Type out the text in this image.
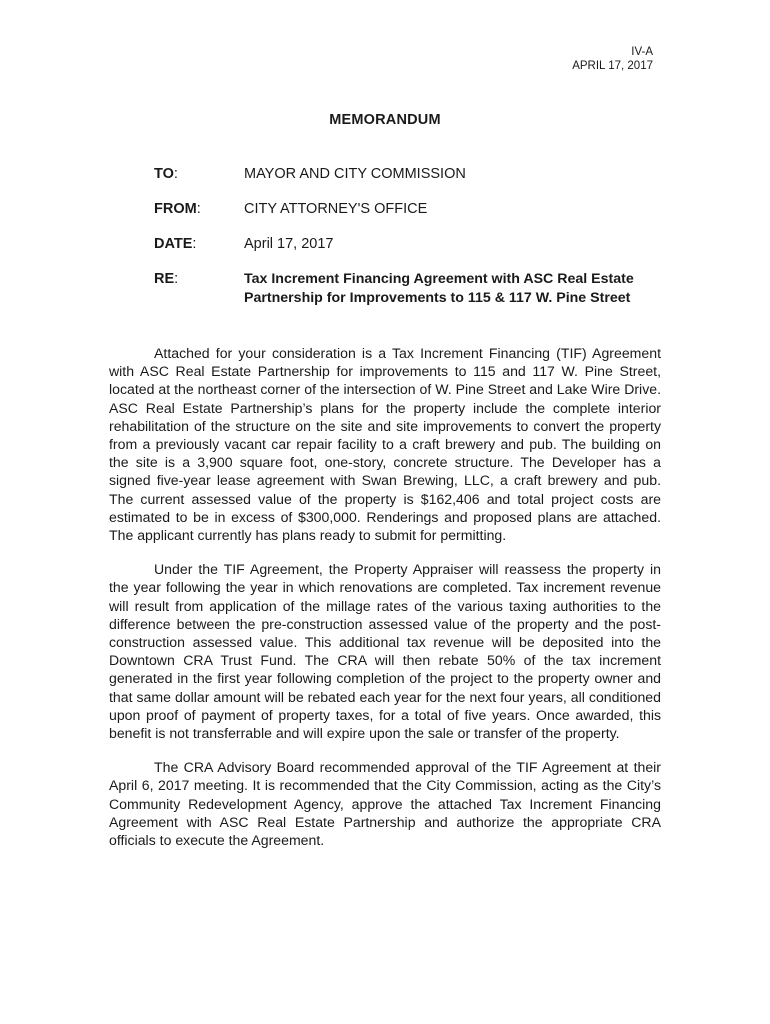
IV-A
APRIL 17, 2017
MEMORANDUM
TO:	MAYOR AND CITY COMMISSION
FROM:	CITY ATTORNEY'S OFFICE
DATE:	April 17, 2017
RE:	Tax Increment Financing Agreement with ASC Real Estate
Partnership for Improvements to 115 & 117 W. Pine Street

Attached for your consideration is a Tax Increment Financing (TIF) Agreement with ASC Real Estate Partnership for improvements to 115 and 117 W. Pine Street, located at the northeast corner of the intersection of W. Pine Street and Lake Wire Drive. ASC Real Estate Partnership’s plans for the property include the complete interior rehabilitation of the structure on the site and site improvements to convert the property from a previously vacant car repair facility to a craft brewery and pub. The building on the site is a 3,900 square foot, one-story, concrete structure. The Developer has a signed five-year lease agreement with Swan Brewing, LLC, a craft brewery and pub. The current assessed value of the property is $162,406 and total project costs are estimated to be in excess of $300,000. Renderings and proposed plans are attached. The applicant currently has plans ready to submit for permitting.

Under the TIF Agreement, the Property Appraiser will reassess the property in the year following the year in which renovations are completed. Tax increment revenue will result from application of the millage rates of the various taxing authorities to the difference between the pre-construction assessed value of the property and the post-construction assessed value. This additional tax revenue will be deposited into the Downtown CRA Trust Fund. The CRA will then rebate 50% of the tax increment generated in the first year following completion of the project to the property owner and that same dollar amount will be rebated each year for the next four years, all conditioned upon proof of payment of property taxes, for a total of five years. Once awarded, this benefit is not transferrable and will expire upon the sale or transfer of the property.

The CRA Advisory Board recommended approval of the TIF Agreement at their April 6, 2017 meeting. It is recommended that the City Commission, acting as the City’s Community Redevelopment Agency, approve the attached Tax Increment Financing Agreement with ASC Real Estate Partnership and authorize the appropriate CRA officials to execute the Agreement.
